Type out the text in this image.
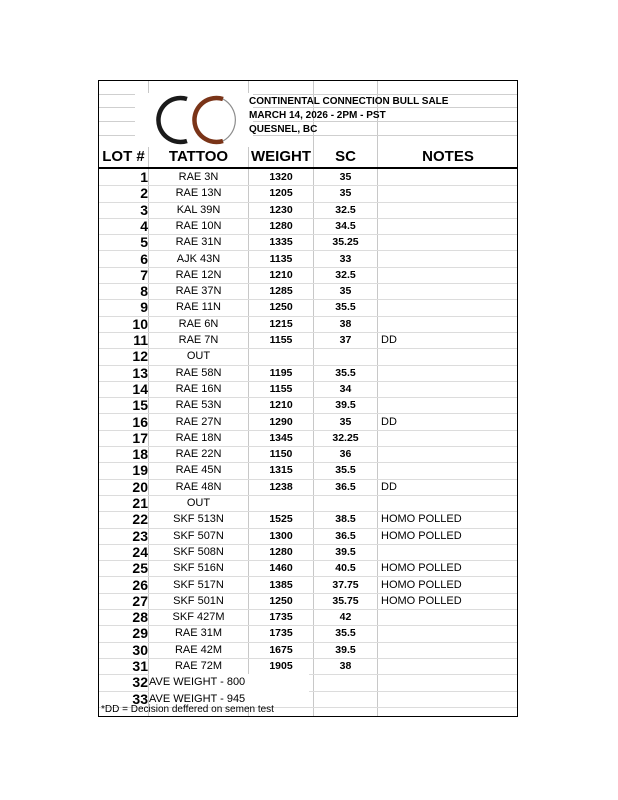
CONTINENTAL CONNECTION BULL SALE
MARCH 14, 2026 - 2PM - PST
QUESNEL, BC
LOT #	TATTOO	WEIGHT	SC	NOTES
1	RAE 3N	1320	35
2	RAE 13N	1205	35
3	KAL 39N	1230	32.5
4	RAE 10N	1280	34.5
5	RAE 31N	1335	35.25
6	AJK 43N	1135	33
7	RAE 12N	1210	32.5
8	RAE 37N	1285	35
9	RAE 11N	1250	35.5
10	RAE 6N	1215	38
11	RAE 7N	1155	37	DD
12	OUT
13	RAE 58N	1195	35.5
14	RAE 16N	1155	34
15	RAE 53N	1210	39.5
16	RAE 27N	1290	35	DD
17	RAE 18N	1345	32.25
18	RAE 22N	1150	36
19	RAE 45N	1315	35.5
20	RAE 48N	1238	36.5	DD
21	OUT
22	SKF 513N	1525	38.5	HOMO POLLED
23	SKF 507N	1300	36.5	HOMO POLLED
24	SKF 508N	1280	39.5
25	SKF 516N	1460	40.5	HOMO POLLED
26	SKF 517N	1385	37.75	HOMO POLLED
27	SKF 501N	1250	35.75	HOMO POLLED
28	SKF 427M	1735	42
29	RAE 31M	1735	35.5
30	RAE 42M	1675	39.5
31	RAE 72M	1905	38
32 AVE WEIGHT - 800
33 AVE WEIGHT - 945
*DD = Decision deffered on semen test
